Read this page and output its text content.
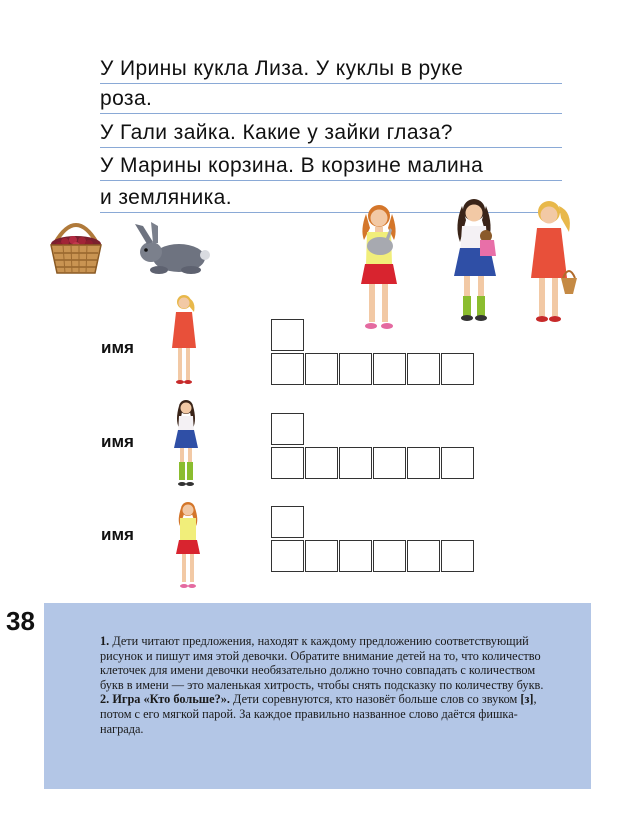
У Ирины кукла Лиза. У куклы в руке
роза.
У Гали зайка. Какие у зайки глаза?
У Марины корзина. В корзине малина
и земляника.
имя
имя
имя
38

1. Дети читают предложения, находят к каждому предложению соответствующий рисунок и пишут имя этой девочки. Обратите внимание детей на то, что количество клеточек для имени девочки необязательно должно точно совпадать с количеством букв в имени — это маленькая хитрость, чтобы снять подсказку по количеству букв.

2. Игра «Кто больше?». Дети соревнуются, кто назовёт больше слов со звуком [з], потом с его мягкой парой. За каждое правильно названное слово даётся фишка-награда.
